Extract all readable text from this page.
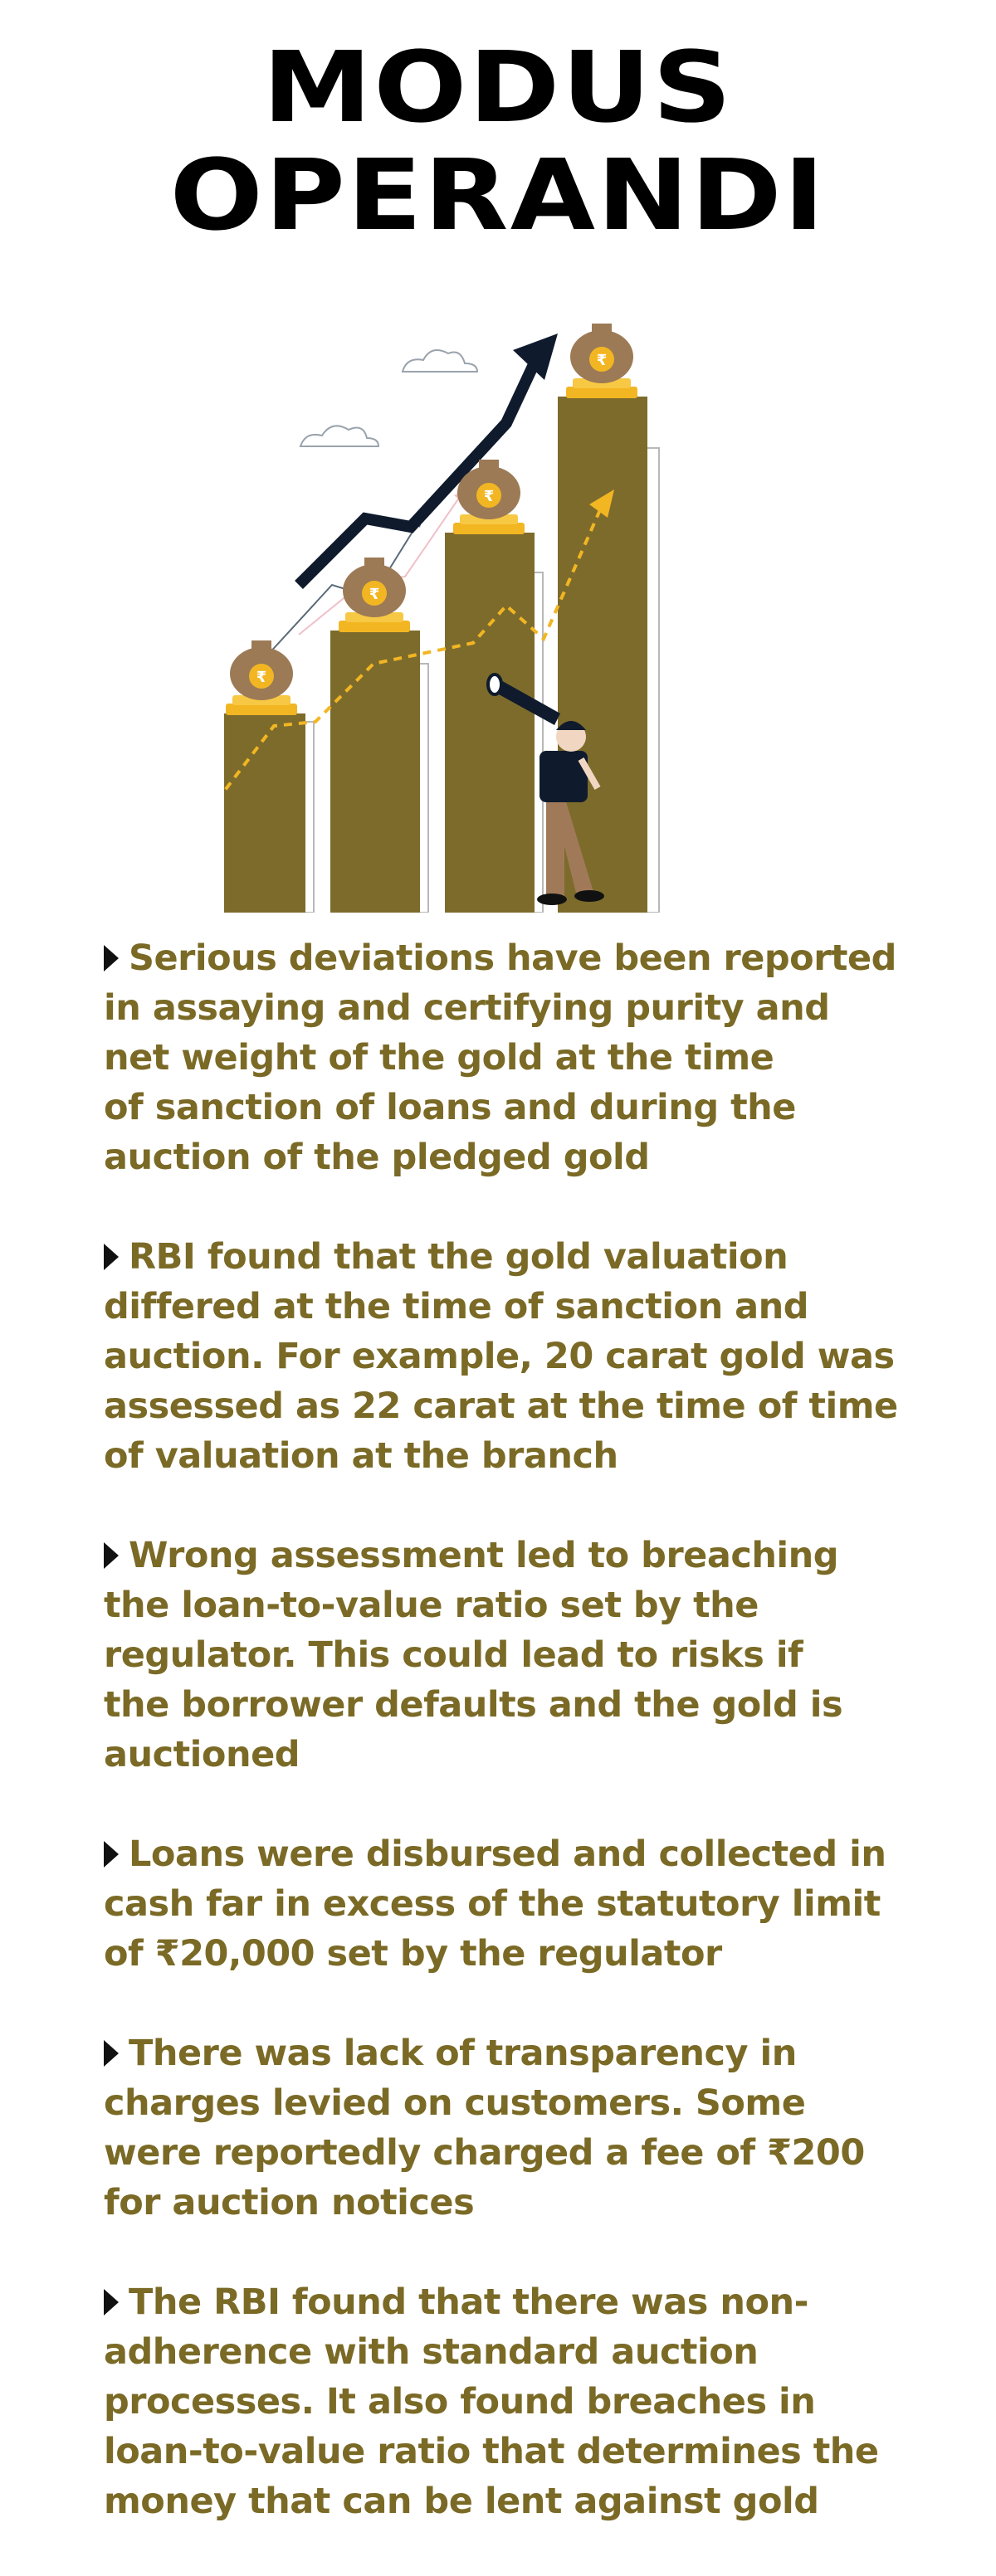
MODUS
OPERANDI
₹
₹
₹
₹
Serious deviations have been reported
in assaying and certifying purity and
net weight of the gold at the time
of sanction of loans and during the
auction of the pledged gold
RBI found that the gold valuation
differed at the time of sanction and
auction. For example, 20 carat gold was
assessed as 22 carat at the time of time
of valuation at the branch
Wrong assessment led to breaching
the loan-to-value ratio set by the
regulator. This could lead to risks if
the borrower defaults and the gold is
auctioned
Loans were disbursed and collected in
cash far in excess of the statutory limit
of ₹20,000 set by the regulator
There was lack of transparency in
charges levied on customers. Some
were reportedly charged a fee of ₹200
for auction notices
The RBI found that there was non-
adherence with standard auction
processes. It also found breaches in
loan-to-value ratio that determines the
money that can be lent against gold
